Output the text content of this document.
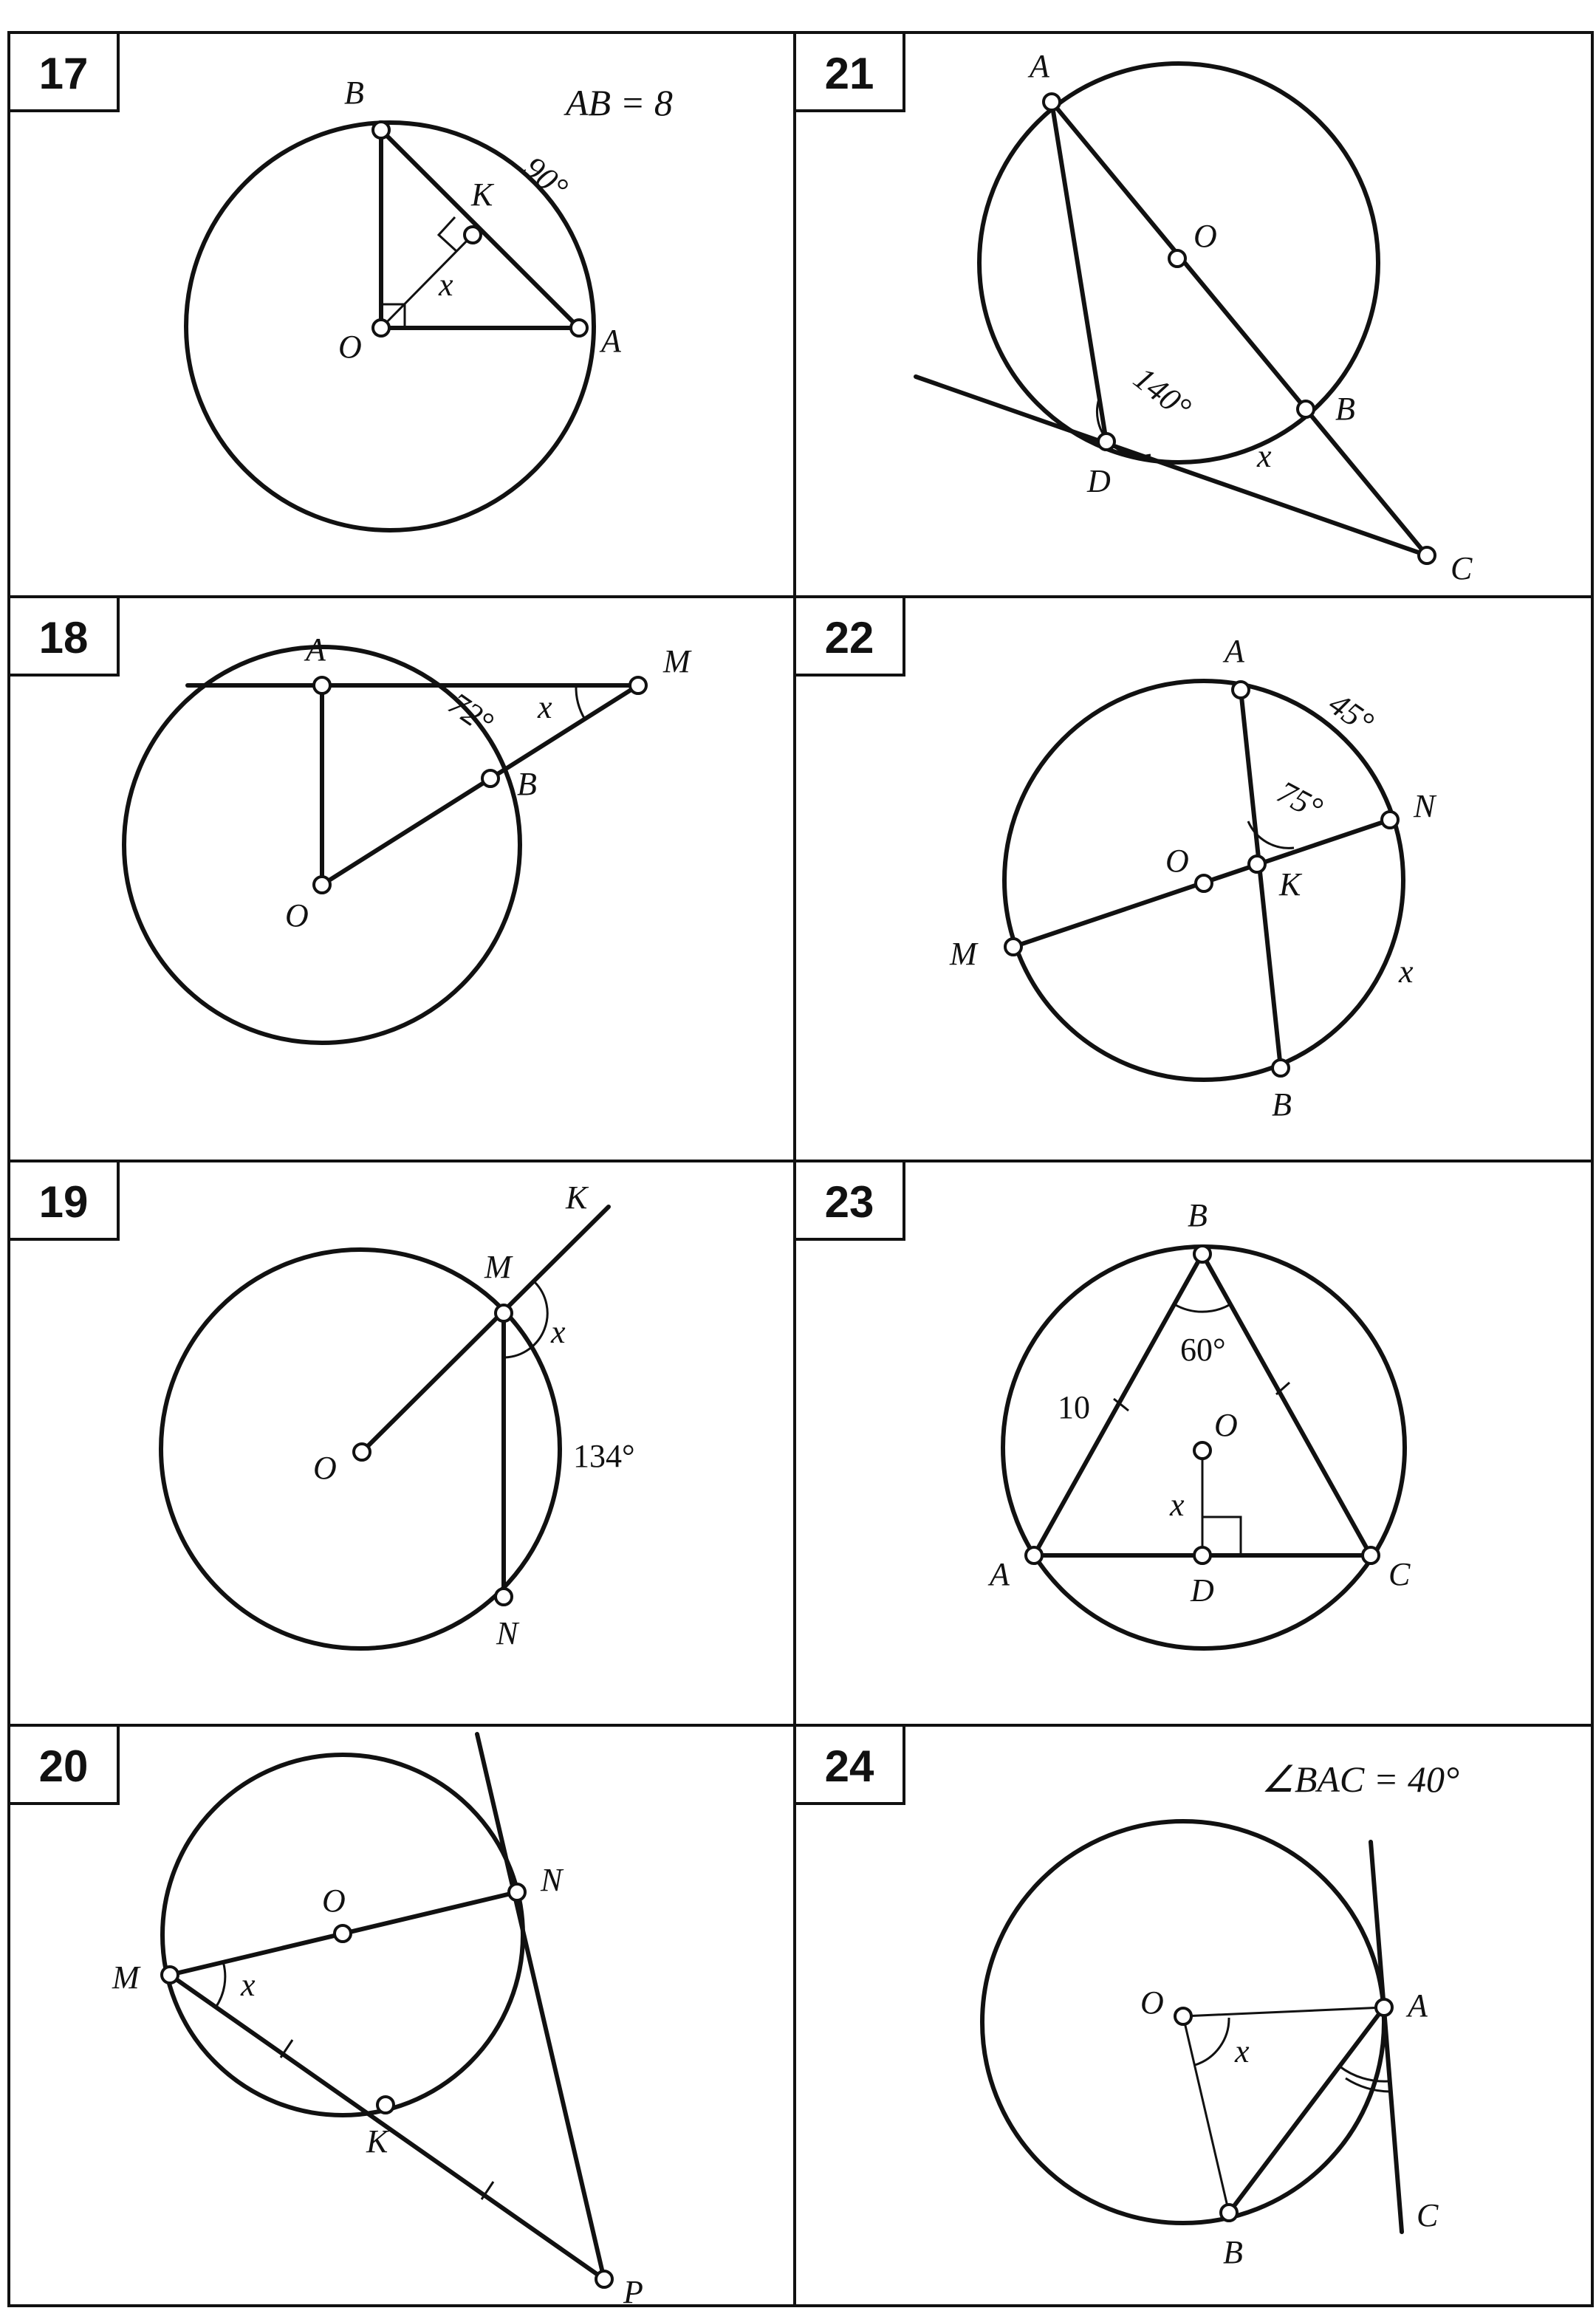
17
AB = 8
B
A
O
K
x
90°
21	A
O
B
D
C
x
140°
18	A	M
B
O
x
72°
22	A
N
O
K
M
B
x
45°
75°
19	K
M
O
N
x
134°
23	B
O
A	D	C
x
60°
10
20
O
N
M
K
P
x
24	∠BAC = 40°
O	A
B
C
x
